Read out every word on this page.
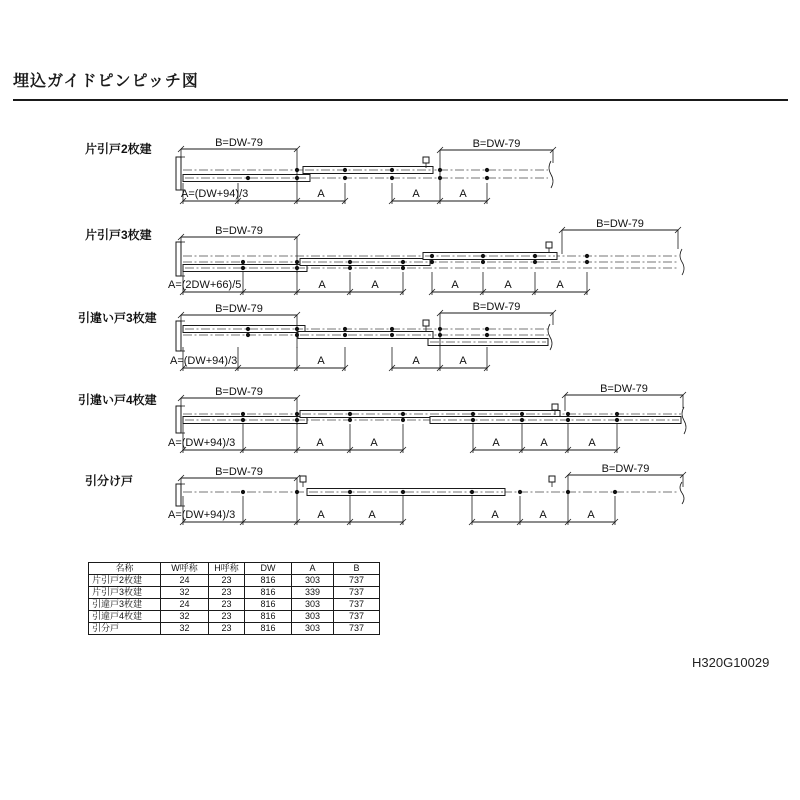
埋込ガイドピンピッチ図
片引戸2枚建	B=DW-79	B=DW-79
A=(DW+94)/3	A	A	A
片引戸3枚建	B=DW-79
B=DW-79
A=(2DW+66)/5	A	A	A	A	A
引違い戸3枚建
B=DW-79	B=DW-79
A=(DW+94)/3	A	A	A
引違い戸4枚建
B=DW-79	B=DW-79
A=(DW+94)/3	A	A	A	A	A
引分け戸
B=DW-79	B=DW-79
A=(DW+94)/3	A	A	A	A	A
名称	W呼称	H呼称	DW	A	B
片引戸2枚建	24	23	816	303	737
片引戸3枚建	32	23	816	339	737
引違戸3枚建	24	23	816	303	737
引違戸4枚建	32	23	816	303	737
引分戸	32	23	816	303	737
H320G10029
